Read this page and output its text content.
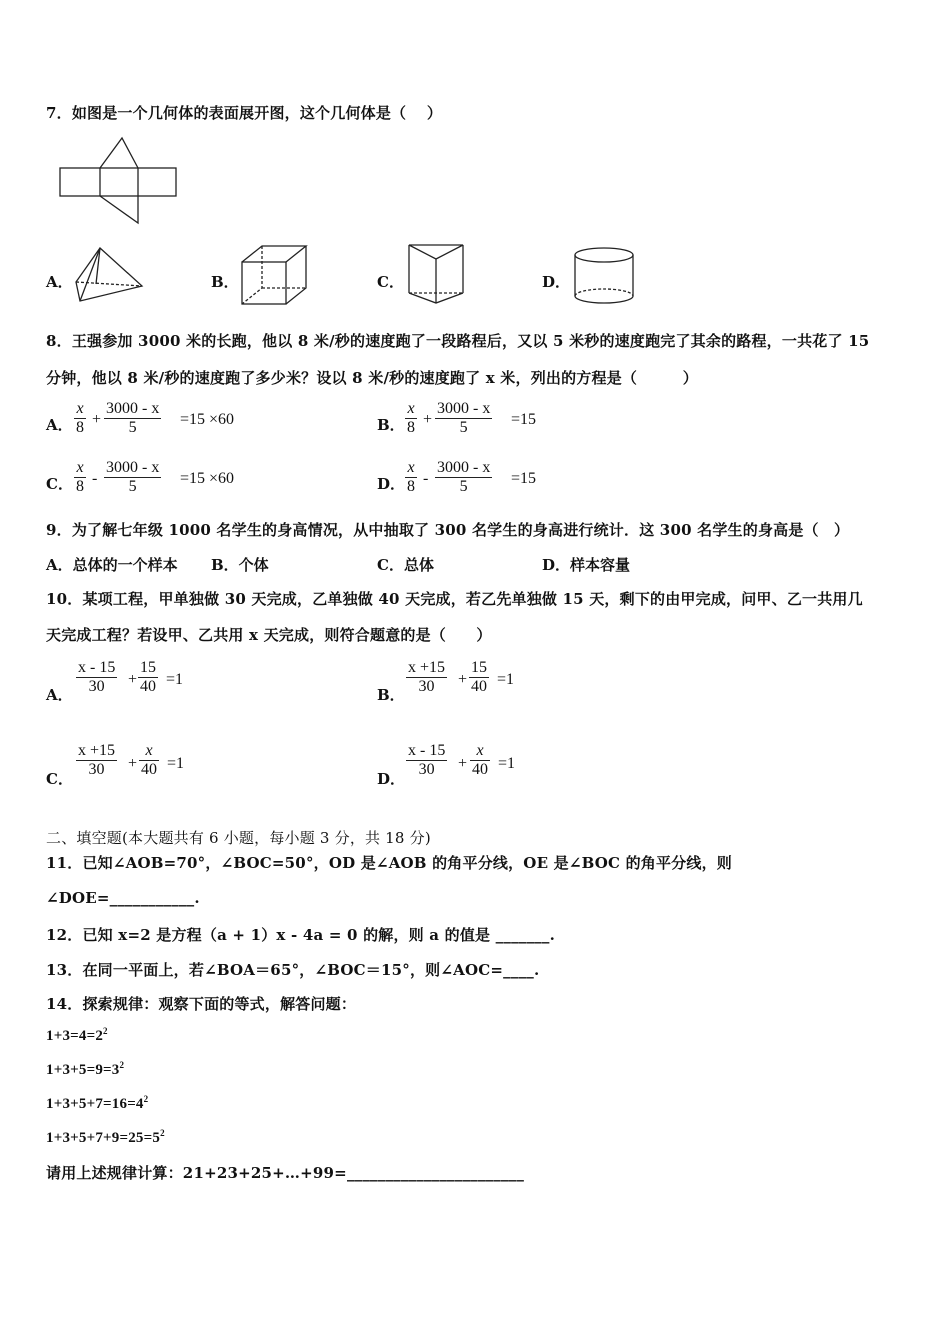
7．如图是一个几何体的表面展开图，这个几何体是（　 ）
A．	B．	C．	D．
8．王强参加 3000 米的长跑，他以 8 米/秒的速度跑了一段路程后，又以 5 米秒的速度跑完了其余的路程，一共花了 15
分钟，他以 8 米/秒的速度跑了多少米？设以 8 米/秒的速度跑了 x 米，列出的方程是（　　　）
A． $\frac{x}{8} + \frac{3000 - x}{5} =15 \times 60$	B． $\frac{x}{8} + \frac{3000 - x}{5} =15$
C． $\frac{x}{8} - \frac{3000 - x}{5} =15 \times 60$	D． $\frac{x}{8} - \frac{3000 - x}{5} =15$
9．为了解七年级 1000 名学生的身高情况，从中抽取了 300 名学生的身高进行统计．这 300 名学生的身高是（　）
A．总体的一个样本 B．个体	C．总体	D．样本容量
10．某项工程，甲单独做 30 天完成，乙单独做 40 天完成，若乙先单独做 15 天，剩下的由甲完成，问甲、乙一共用几
天完成工程？若设甲、乙共用 x 天完成，则符合题意的是（　　）
A． $\frac{x - 15}{30} + \frac{15}{40} =1$
B． $\frac{x +15}{30} + \frac{15}{40} =1$
C． $\frac{x +15}{30} + \frac{x}{40} =1$
D． $\frac{x - 15}{30} + \frac{x}{40} =1$
二、填空题(本大题共有 6 小题，每小题 3 分，共 18 分)
11．已知∠AOB=70°，∠BOC=50°，OD 是∠AOB 的角平分线，OE 是∠BOC 的角平分线，则
∠DOE=___________.
12．已知 x=2 是方程（a + 1）x - 4a = 0 的解，则 a 的值是 _______.
13．在同一平面上，若∠BOA＝65°，∠BOC＝15°，则∠AOC=____.
14．探索规律：观察下面的等式，解答问题：
$1+3=4=2^2$
$1+3+5=9=3^2$
$1+3+5+7=16=4^2$
$1+3+5+7+9=25=5^2$
请用上述规律计算：21+23+25+…+99=_______________________
